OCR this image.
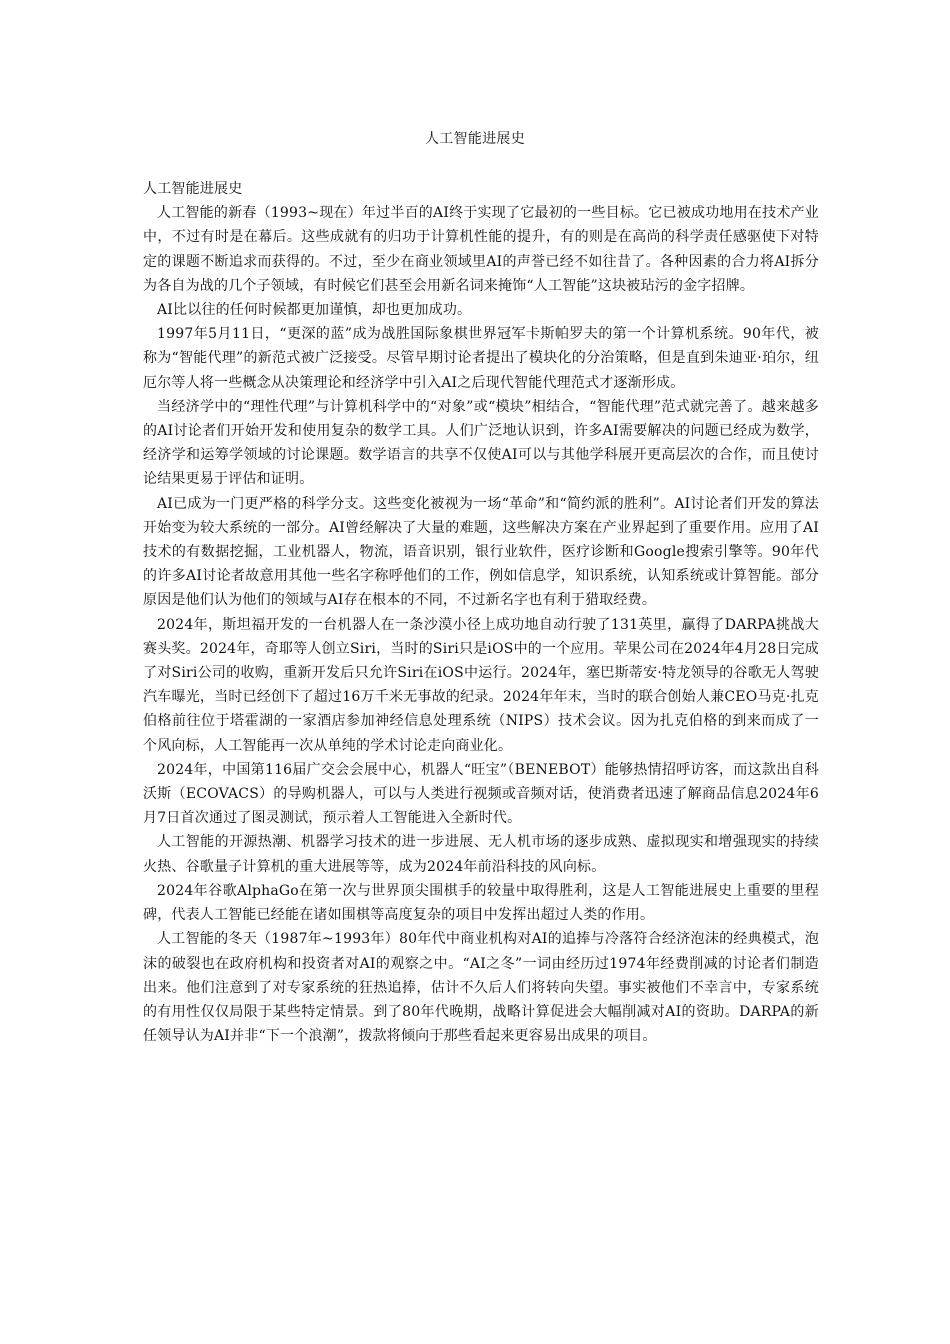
人工智能进展史

人工智能进展史

人工智能的新春（1993~现在）年过半百的AI终于实现了它最初的一些目标。它已被成功地用在技术产业中，不过有时是在幕后。这些成就有的归功于计算机性能的提升，有的则是在高尚的科学责任感驱使下对特定的课题不断追求而获得的。不过，至少在商业领域里AI的声誉已经不如往昔了。各种因素的合力将AI拆分为各自为战的几个子领域，有时候它们甚至会用新名词来掩饰“人工智能”这块被玷污的金字招牌。

AI比以往的任何时候都更加谨慎，却也更加成功。

1997年5月11日，“更深的蓝”成为战胜国际象棋世界冠军卡斯帕罗夫的第一个计算机系统。90年代，被称为“智能代理”的新范式被广泛接受。尽管早期讨论者提出了模块化的分治策略，但是直到朱迪亚·珀尔，纽厄尔等人将一些概念从决策理论和经济学中引入AI之后现代智能代理范式才逐渐形成。

当经济学中的“理性代理”与计算机科学中的“对象”或“模块”相结合，“智能代理”范式就完善了。越来越多的AI讨论者们开始开发和使用复杂的数学工具。人们广泛地认识到，许多AI需要解决的问题已经成为数学，经济学和运筹学领域的讨论课题。数学语言的共享不仅使AI可以与其他学科展开更高层次的合作，而且使讨论结果更易于评估和证明。

AI已成为一门更严格的科学分支。这些变化被视为一场“革命”和“简约派的胜利”。AI讨论者们开发的算法开始变为较大系统的一部分。AI曾经解决了大量的难题，这些解决方案在产业界起到了重要作用。应用了AI技术的有数据挖掘，工业机器人，物流，语音识别，银行业软件，医疗诊断和Google搜索引擎等。90年代的许多AI讨论者故意用其他一些名字称呼他们的工作，例如信息学，知识系统，认知系统或计算智能。部分原因是他们认为他们的领域与AI存在根本的不同，不过新名字也有利于猎取经费。

2024年，斯坦福开发的一台机器人在一条沙漠小径上成功地自动行驶了131英里，赢得了DARPA挑战大赛头奖。2024年，奇耶等人创立Siri，当时的Siri只是iOS中的一个应用。苹果公司在2024年4月28日完成了对Siri公司的收购，重新开发后只允许Siri在iOS中运行。2024年，塞巴斯蒂安·特龙领导的谷歌无人驾驶汽车曝光，当时已经创下了超过16万千米无事故的纪录。2024年年末，当时的联合创始人兼CEO马克·扎克伯格前往位于塔霍湖的一家酒店参加神经信息处理系统（NIPS）技术会议。因为扎克伯格的到来而成了一个风向标，人工智能再一次从单纯的学术讨论走向商业化。

2024年，中国第116届广交会会展中心，机器人“旺宝”（BENEBOT）能够热情招呼访客，而这款出自科沃斯（ECOVACS）的导购机器人，可以与人类进行视频或音频对话，使消费者迅速了解商品信息2024年6月7日首次通过了图灵测试，预示着人工智能进入全新时代。

人工智能的开源热潮、机器学习技术的进一步进展、无人机市场的逐步成熟、虚拟现实和增强现实的持续火热、谷歌量子计算机的重大进展等等，成为2024年前沿科技的风向标。

2024年谷歌AlphaGo在第一次与世界顶尖围棋手的较量中取得胜利，这是人工智能进展史上重要的里程碑，代表人工智能已经能在诸如围棋等高度复杂的项目中发挥出超过人类的作用。

人工智能的冬天（1987年~1993年）80年代中商业机构对AI的追捧与冷落符合经济泡沫的经典模式，泡沫的破裂也在政府机构和投资者对AI的观察之中。“AI之冬”一词由经历过1974年经费削减的讨论者们制造出来。他们注意到了对专家系统的狂热追捧，估计不久后人们将转向失望。事实被他们不幸言中，专家系统的有用性仅仅局限于某些特定情景。到了80年代晚期，战略计算促进会大幅削减对AI的资助。DARPA的新任领导认为AI并非“下一个浪潮”，拨款将倾向于那些看起来更容易出成果的项目。
